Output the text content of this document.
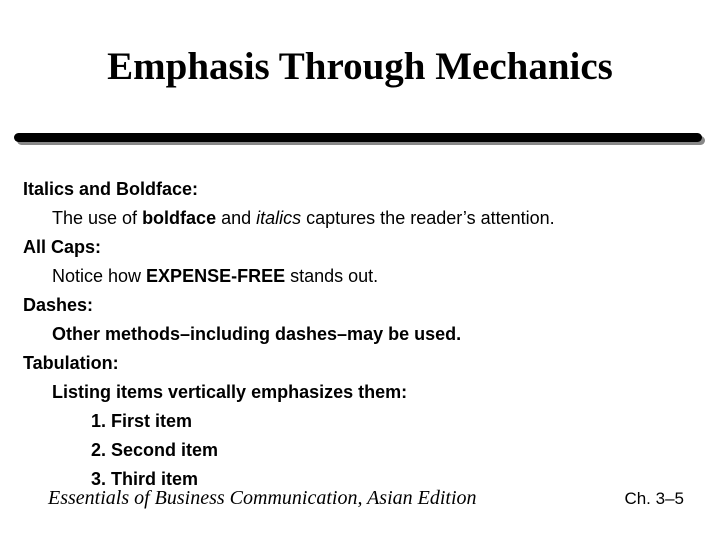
Emphasis Through Mechanics
Italics and Boldface:
The use of boldface and italics captures the reader’s attention.
All Caps:
Notice how EXPENSE-FREE stands out.
Dashes:
Other methods–including dashes–may be used.
Tabulation:
Listing items vertically emphasizes them:
1. First item
2. Second item
3. Third item
Essentials of Business Communication, Asian Edition	Ch. 3–5
